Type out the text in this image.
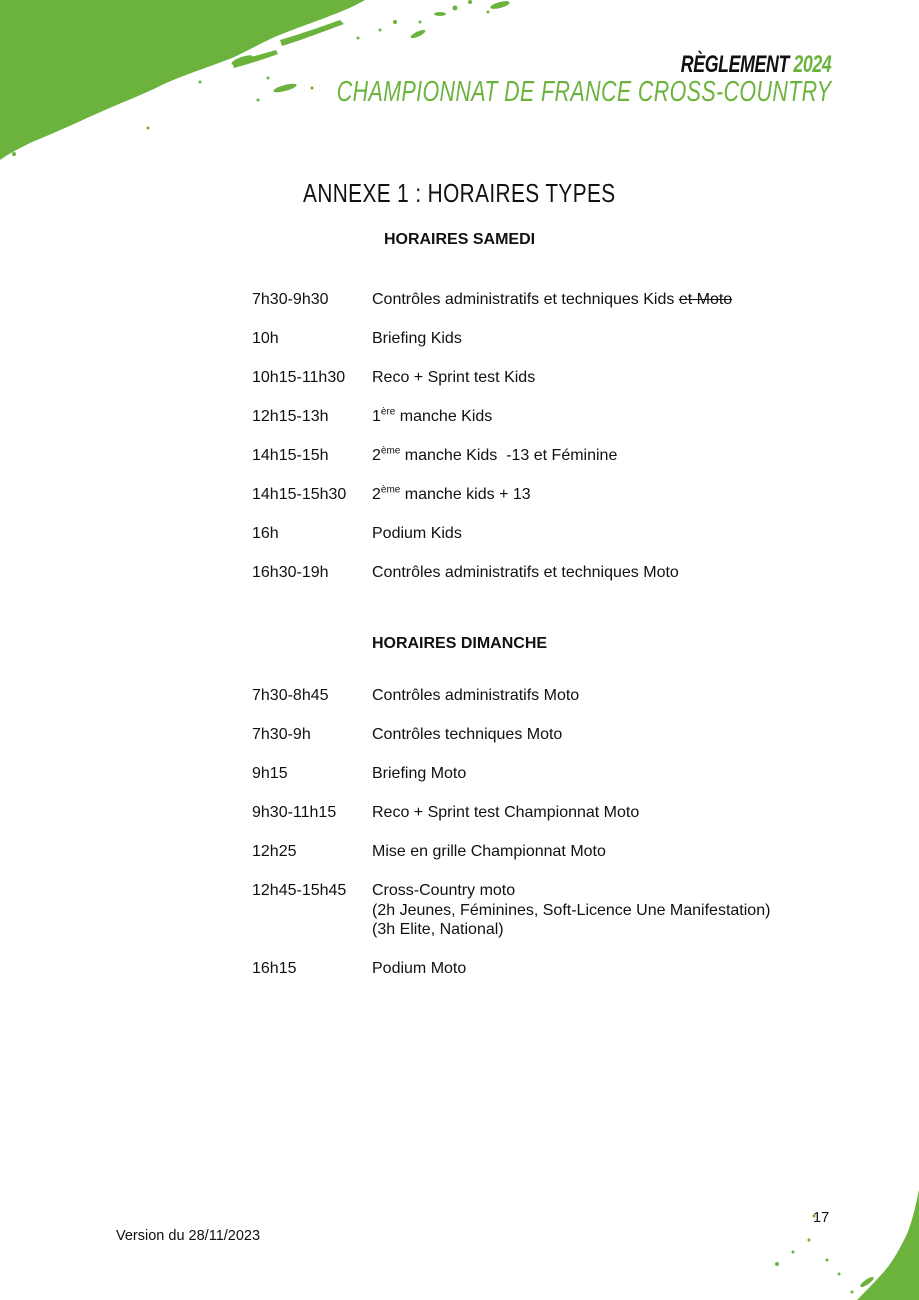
RÈGLEMENT 2024
CHAMPIONNAT DE FRANCE CROSS-COUNTRY
ANNEXE 1 : HORAIRES TYPES
HORAIRES SAMEDI
7h30-9h30	Contrôles administratifs et techniques Kids et Moto
10h	Briefing Kids
10h15-11h30	Reco + Sprint test Kids
12h15-13h	1ère manche Kids
14h15-15h	2ème manche Kids  -13 et Féminine
14h15-15h30	2ème manche kids + 13
16h	Podium Kids
16h30-19h	Contrôles administratifs et techniques Moto
HORAIRES DIMANCHE
7h30-8h45	Contrôles administratifs Moto
7h30-9h	Contrôles techniques Moto
9h15	Briefing Moto
9h30-11h15	Reco + Sprint test Championnat Moto
12h25	Mise en grille Championnat Moto
12h45-15h45	Cross-Country moto
(2h Jeunes, Féminines, Soft-Licence Une Manifestation)
(3h Elite, National)
16h15	Podium Moto
17
Version du 28/11/2023
